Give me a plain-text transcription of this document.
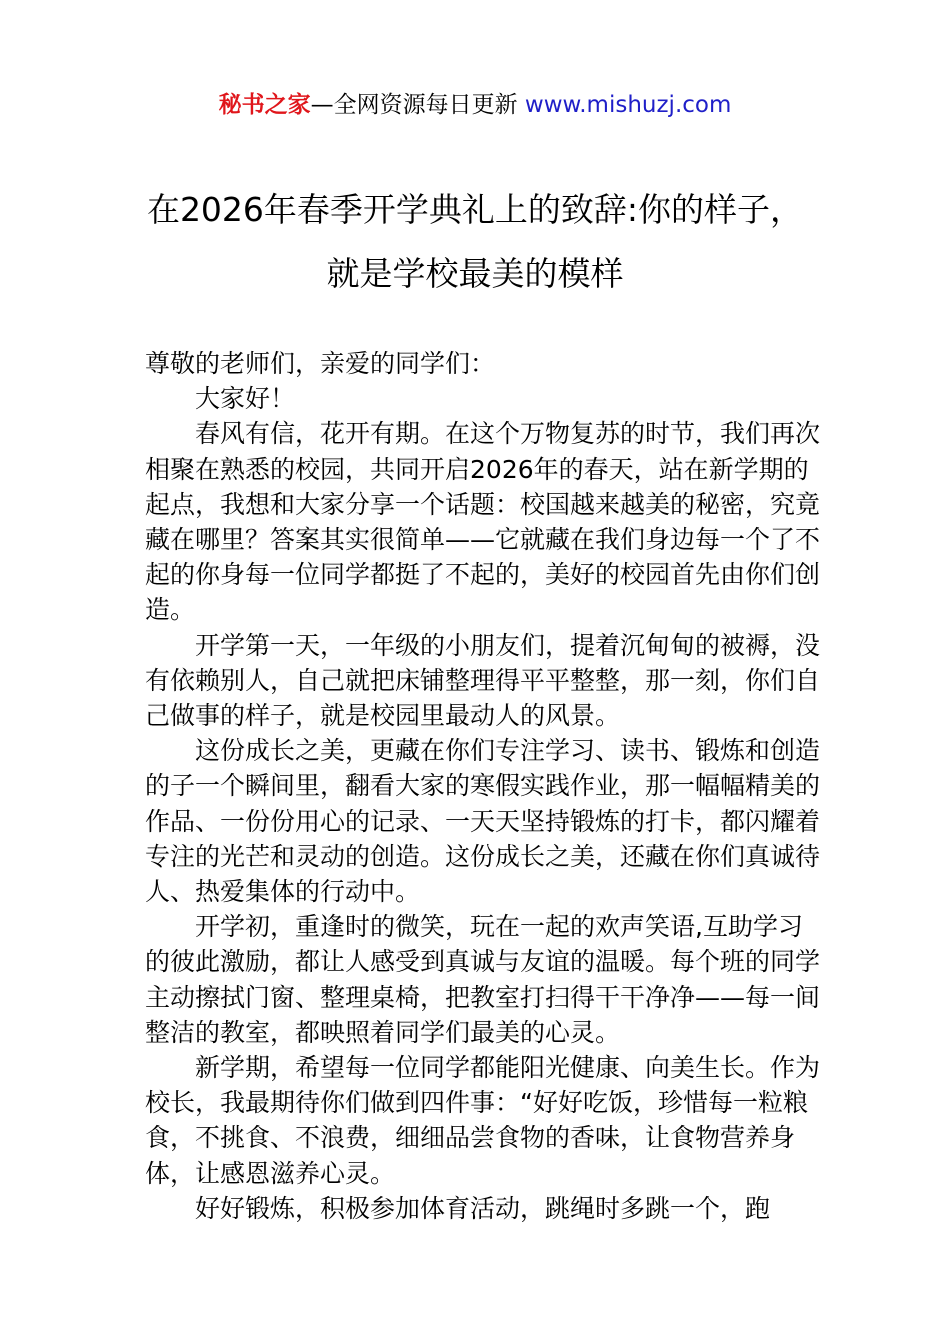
秘书之家—全网资源每日更新 www.mishuzj.com
在2026年春季开学典礼上的致辞:你的样子，
就是学校最美的模样

尊敬的老师们，亲爱的同学们：

大家好！

春风有信，花开有期。在这个万物复苏的时节，我们再次相聚在熟悉的校园，共同开启2026年的春天，站在新学期的起点，我想和大家分享一个话题：校国越来越美的秘密，究竟藏在哪里？答案其实很简单——它就藏在我们身边每一个了不起的你身每一位同学都挺了不起的，美好的校园首先由你们创造。

开学第一天，一年级的小朋友们，提着沉甸甸的被褥，没有依赖别人，自己就把床铺整理得平平整整，那一刻，你们自己做事的样子，就是校园里最动人的风景。

这份成长之美，更藏在你们专注学习、读书、锻炼和创造的子一个瞬间里，翻看大家的寒假实践作业，那一幅幅精美的作品、一份份用心的记录、一天天坚持锻炼的打卡，都闪耀着专注的光芒和灵动的创造。这份成长之美，还藏在你们真诚待人、热爱集体的行动中。

开学初，重逢时的微笑，玩在一起的欢声笑语,互助学习的彼此激励，都让人感受到真诚与友谊的温暖。每个班的同学主动擦拭门窗、整理桌椅，把教室打扫得干干净净——每一间整洁的教室，都映照着同学们最美的心灵。

新学期，希望每一位同学都能阳光健康、向美生长。作为校长，我最期待你们做到四件事：“好好吃饭，珍惜每一粒粮食，不挑食、不浪费，细细品尝食物的香味，让食物营养身体，让感恩滋养心灵。

好好锻炼，积极参加体育活动，跳绳时多跳一个，跑
